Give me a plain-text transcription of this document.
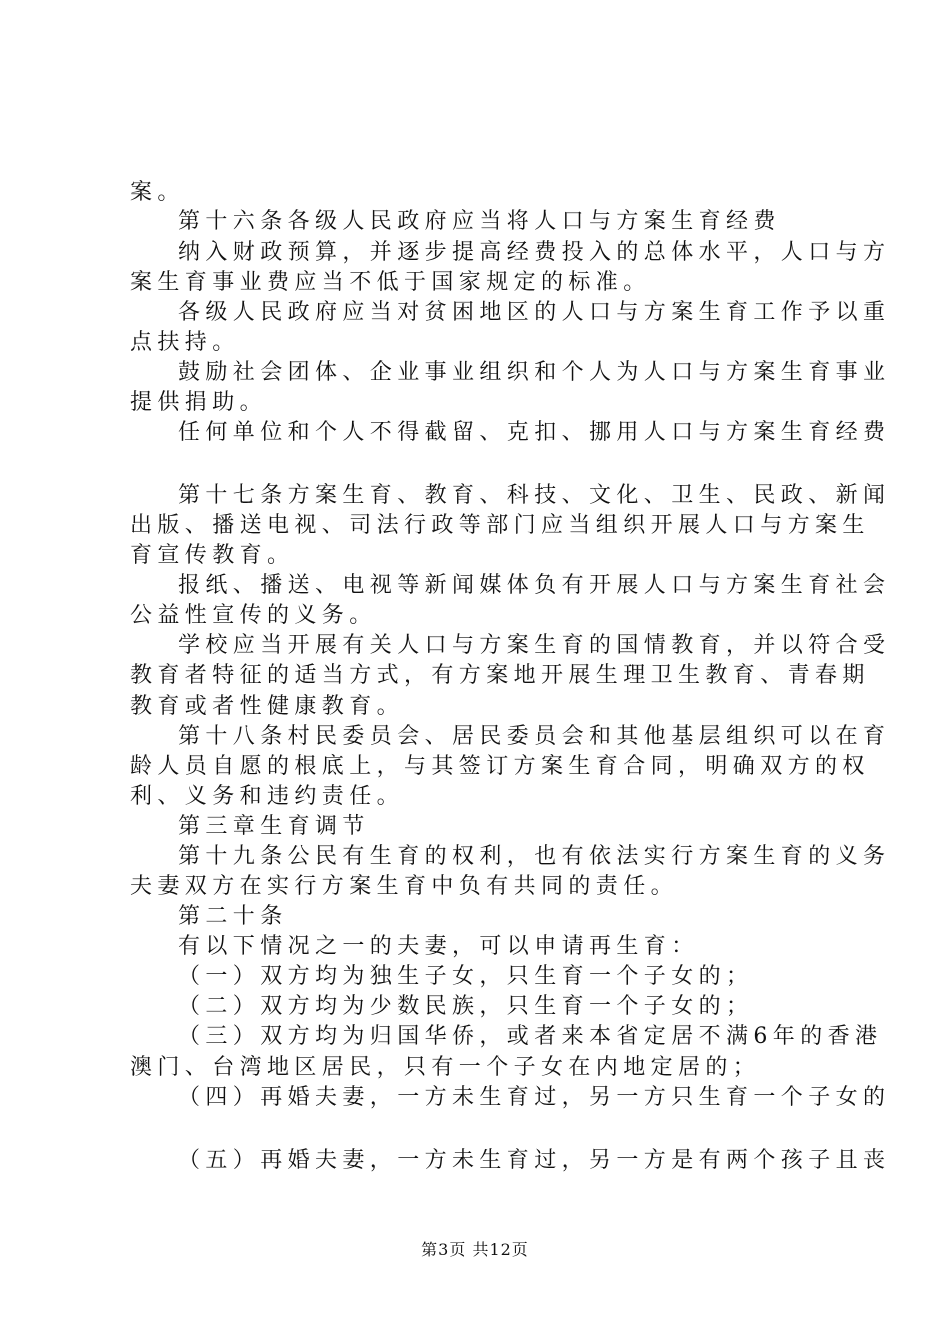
案。
第十六条各级人民政府应当将人口与方案生育经费
纳入财政预算，并逐步提高经费投入的总体水平，人口与方
案生育事业费应当不低于国家规定的标准。
各级人民政府应当对贫困地区的人口与方案生育工作予以重
点扶持。
鼓励社会团体、企业事业组织和个人为人口与方案生育事业
提供捐助。
任何单位和个人不得截留、克扣、挪用人口与方案生育经费
第十七条方案生育、教育、科技、文化、卫生、民政、新闻
出版、播送电视、司法行政等部门应当组织开展人口与方案生
育宣传教育。
报纸、播送、电视等新闻媒体负有开展人口与方案生育社会
公益性宣传的义务。
学校应当开展有关人口与方案生育的国情教育，并以符合受
教育者特征的适当方式，有方案地开展生理卫生教育、青春期
教育或者性健康教育。
第十八条村民委员会、居民委员会和其他基层组织可以在育
龄人员自愿的根底上，与其签订方案生育合同，明确双方的权
利、义务和违约责任。
第三章生育调节
第十九条公民有生育的权利，也有依法实行方案生育的义务
夫妻双方在实行方案生育中负有共同的责任。
第二十条
有以下情况之一的夫妻，可以申请再生育：
（一）双方均为独生子女，只生育一个子女的；
（二）双方均为少数民族，只生育一个子女的；
（三）双方均为归国华侨，或者来本省定居不满6年的香港
澳门、台湾地区居民，只有一个子女在内地定居的；
（四）再婚夫妻，一方未生育过，另一方只生育一个子女的
（五）再婚夫妻，一方未生育过，另一方是有两个孩子且丧
第3页 共12页
